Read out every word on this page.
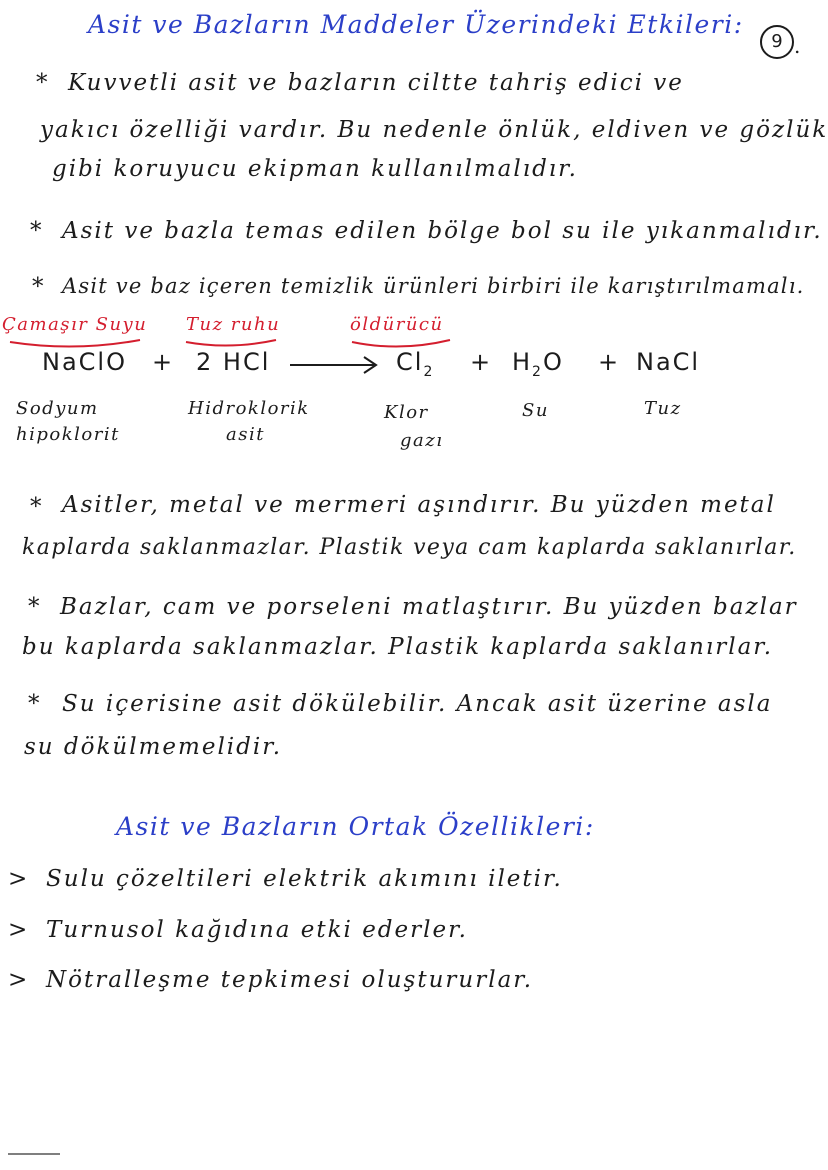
9 .
Asit ve Bazların Maddeler Üzerindeki Etkileri:
* Kuvvetli asit ve bazların ciltte tahriş edici ve
yakıcı özelliği vardır. Bu nedenle önlük, eldiven ve gözlük
gibi koruyucu ekipman kullanılmalıdır.
* Asit ve bazla temas edilen bölge bol su ile yıkanmalıdır.
* Asit ve baz içeren temizlik ürünleri birbiri ile karıştırılmamalı.
Çamaşır Suyu Tuz ruhu	öldürücü
NaClO + 2 HCl	$Cl_2 + H_2O$ + NaCl
Sodyum
hipoklorit
Hidroklorik
asit
Klor
gazı
Su	Tuz
* Asitler, metal ve mermeri aşındırır. Bu yüzden metal
kaplarda saklanmazlar. Plastik veya cam kaplarda saklanırlar.
* Bazlar, cam ve porseleni matlaştırır. Bu yüzden bazlar
bu kaplarda saklanmazlar. Plastik kaplarda saklanırlar.
* Su içerisine asit dökülebilir. Ancak asit üzerine asla
su dökülmemelidir.
Asit ve Bazların Ortak Özellikleri:
> Sulu çözeltileri elektrik akımını iletir.
> Turnusol kağıdına etki ederler.
> Nötralleşme tepkimesi oluştururlar.
